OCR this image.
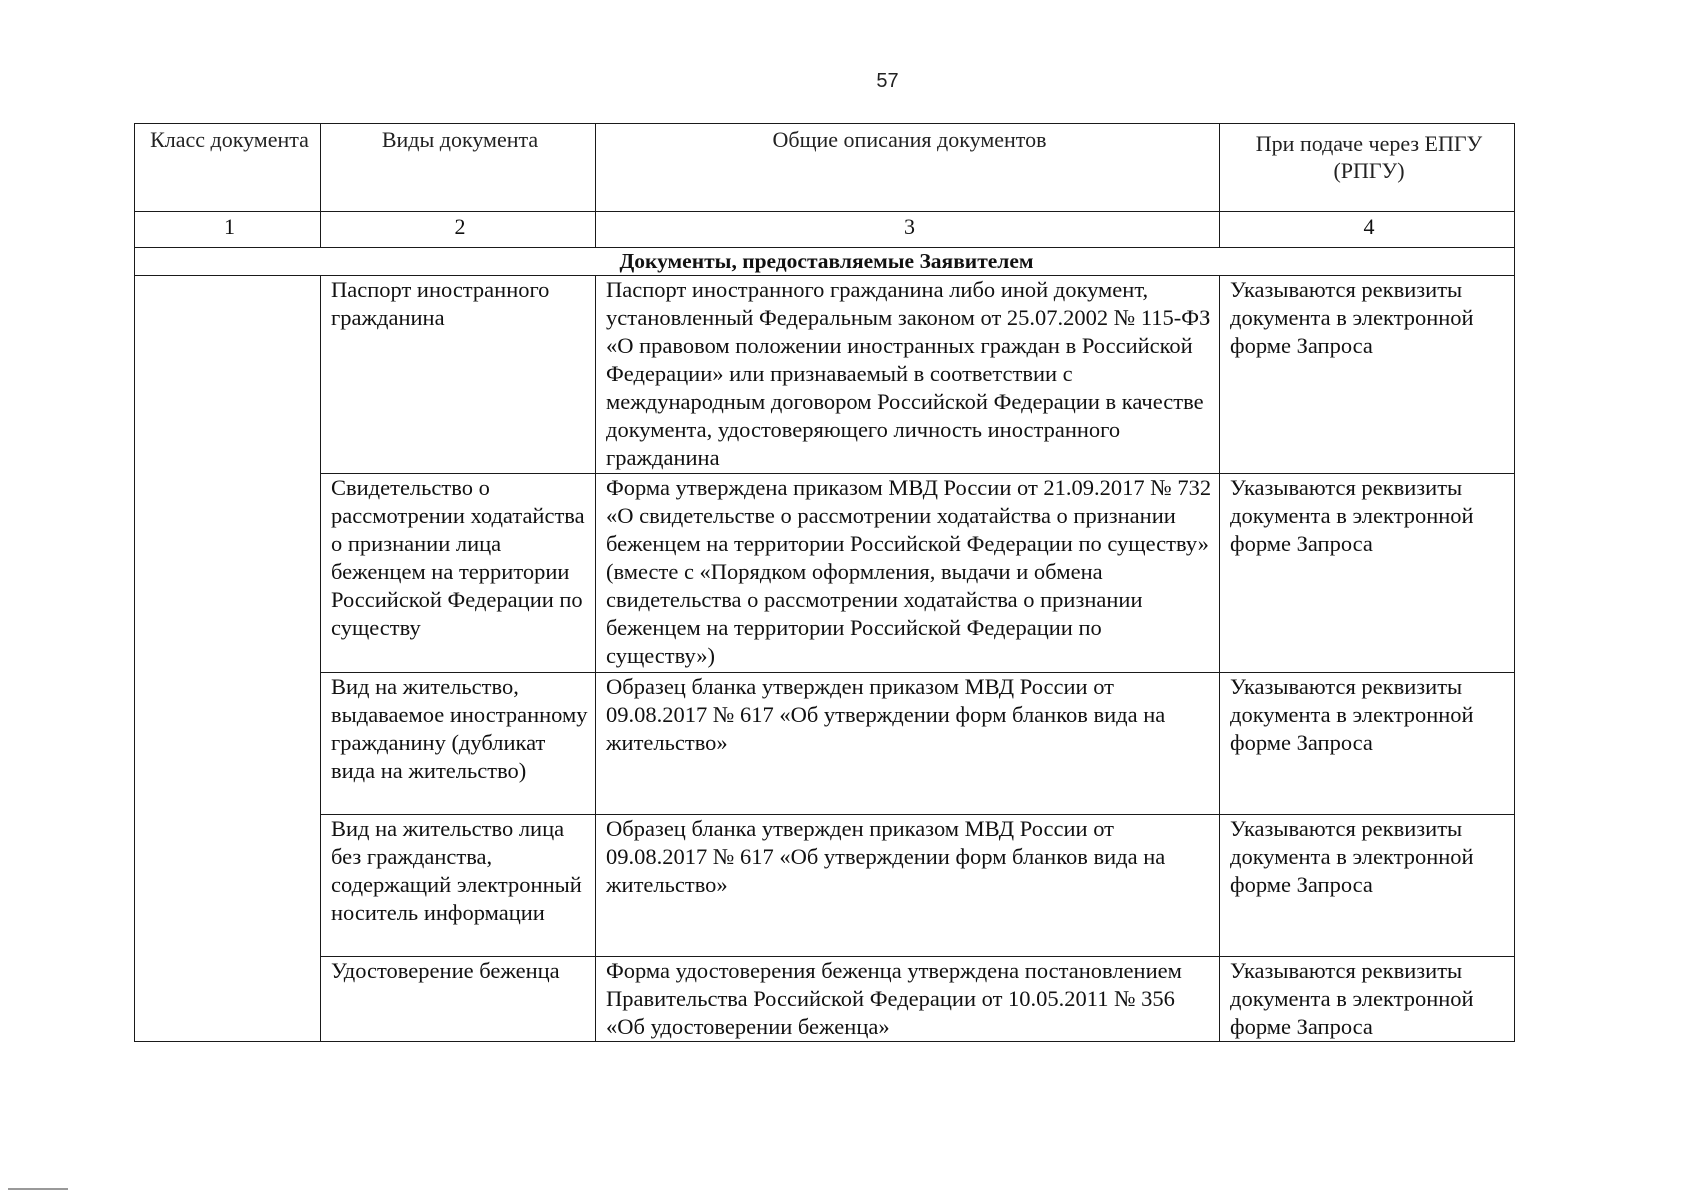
57
Класс документа	Виды документа	Общие описания документов	При подаче через ЕПГУ (РПГУ)
1	2	3	4
Документы, предоставляемые Заявителем			
	Паспорт иностранного гражданина	Паспорт иностранного гражданина либо иной документ, установленный Федеральным законом от 25.07.2002 № 115-ФЗ «О правовом положении иностранных граждан в Российской Федерации» или признаваемый в соответствии с международным договором Российской Федерации в качестве документа, удостоверяющего личность иностранного гражданина	Указываются реквизиты документа в электронной форме Запроса
	Свидетельство о рассмотрении ходатайства о признании лица беженцем на территории Российской Федерации по существу	Форма утверждена приказом МВД России от 21.09.2017 № 732 «О свидетельстве о рассмотрении ходатайства о признании беженцем на территории Российской Федерации по существу» (вместе с «Порядком оформления, выдачи и обмена свидетельства о рассмотрении ходатайства о признании беженцем на территории Российской Федерации по существу»)	Указываются реквизиты документа в электронной форме Запроса
	Вид на жительство, выдаваемое иностранному гражданину (дубликат вида на жительство)	Образец бланка утвержден приказом МВД России от 09.08.2017 № 617 «Об утверждении форм бланков вида на жительство»	Указываются реквизиты документа в электронной форме Запроса
	Вид на жительство лица без гражданства, содержащий электронный носитель информации	Образец бланка утвержден приказом МВД России от 09.08.2017 № 617 «Об утверждении форм бланков вида на жительство»	Указываются реквизиты документа в электронной форме Запроса
	Удостоверение беженца	Форма удостоверения беженца утверждена постановлением Правительства Российской Федерации от 10.05.2011 № 356 «Об удостоверении беженца»	Указываются реквизиты документа в электронной форме Запроса
